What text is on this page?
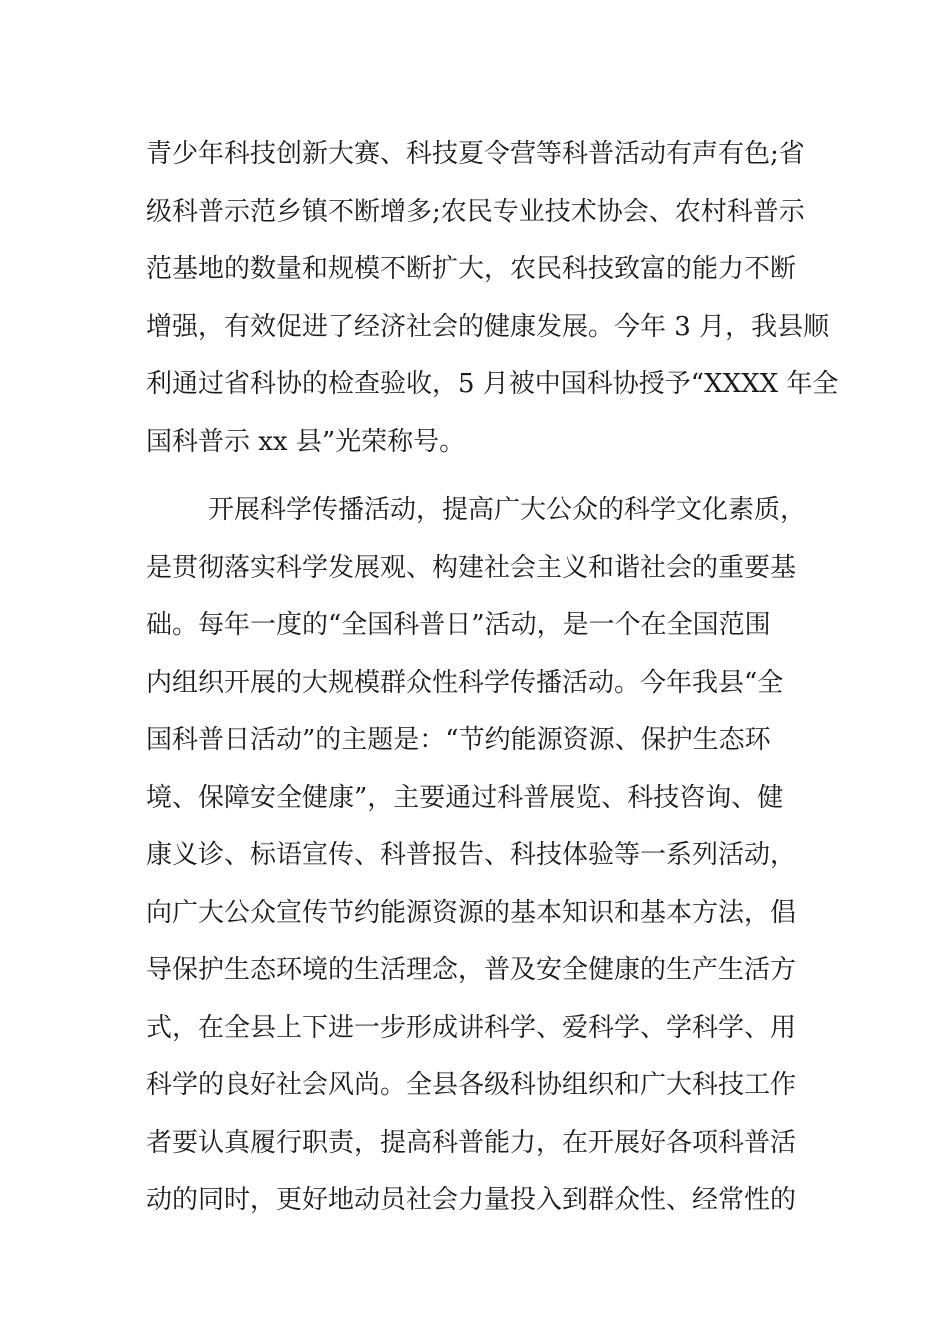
青少年科技创新大赛、科技夏令营等科普活动有声有色;省
级科普示范乡镇不断增多;农民专业技术协会、农村科普示
范基地的数量和规模不断扩大，农民科技致富的能力不断
增强，有效促进了经济社会的健康发展。今年 3 月，我县顺
利通过省科协的检查验收，5 月被中国科协授予“XXXX 年全
国科普示 xx 县”光荣称号。
开展科学传播活动，提高广大公众的科学文化素质，
是贯彻落实科学发展观、构建社会主义和谐社会的重要基
础。每年一度的“全国科普日”活动，是一个在全国范围
内组织开展的大规模群众性科学传播活动。今年我县“全
国科普日活动”的主题是：“节约能源资源、保护生态环
境、保障安全健康”，主要通过科普展览、科技咨询、健
康义诊、标语宣传、科普报告、科技体验等一系列活动，
向广大公众宣传节约能源资源的基本知识和基本方法，倡
导保护生态环境的生活理念，普及安全健康的生产生活方
式，在全县上下进一步形成讲科学、爱科学、学科学、用
科学的良好社会风尚。全县各级科协组织和广大科技工作
者要认真履行职责，提高科普能力，在开展好各项科普活
动的同时，更好地动员社会力量投入到群众性、经常性的
